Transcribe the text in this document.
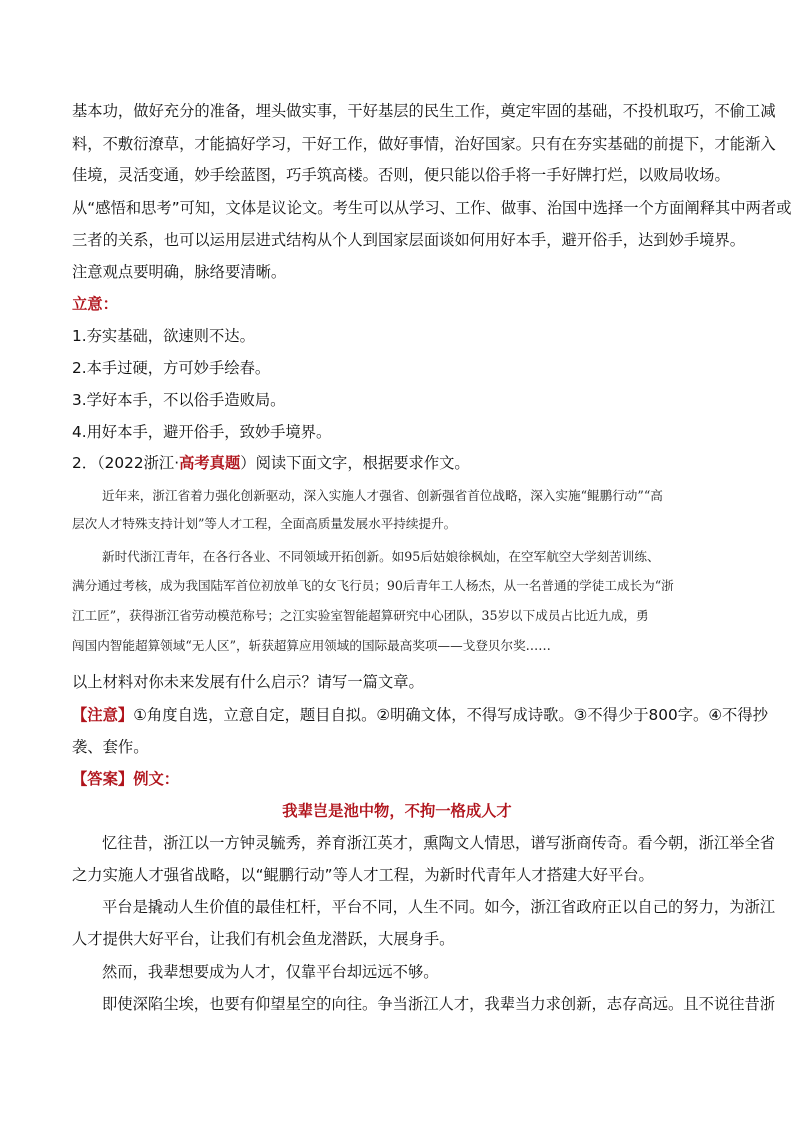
基本功，做好充分的准备，埋头做实事，干好基层的民生工作，奠定牢固的基础，不投机取巧，不偷工减
料，不敷衍潦草，才能搞好学习，干好工作，做好事情，治好国家。只有在夯实基础的前提下，才能渐入
佳境，灵活变通，妙手绘蓝图，巧手筑高楼。否则，便只能以俗手将一手好牌打烂，以败局收场。
从“感悟和思考”可知，文体是议论文。考生可以从学习、工作、做事、治国中选择一个方面阐释其中两者或
三者的关系，也可以运用层进式结构从个人到国家层面谈如何用好本手，避开俗手，达到妙手境界。
注意观点要明确，脉络要清晰。
立意：
1.夯实基础，欲速则不达。
2.本手过硬，方可妙手绘春。
3.学好本手，不以俗手造败局。
4.用好本手，避开俗手，致妙手境界。
2．（2022浙江·高考真题）阅读下面文字，根据要求作文。
近年来，浙江省着力强化创新驱动，深入实施人才强省、创新强省首位战略，深入实施“鲲鹏行动”“高
层次人才特殊支持计划”等人才工程，全面高质量发展水平持续提升。
新时代浙江青年，在各行各业、不同领域开拓创新。如95后姑娘徐枫灿，在空军航空大学刻苦训练、
满分通过考核，成为我国陆军首位初放单飞的女飞行员；90后青年工人杨杰，从一名普通的学徒工成长为“浙
江工匠”，获得浙江省劳动模范称号；之江实验室智能超算研究中心团队，35岁以下成员占比近九成，勇
闯国内智能超算领域“无人区”，斩获超算应用领域的国际最高奖项——戈登贝尔奖……
以上材料对你未来发展有什么启示？请写一篇文章。
【注意】①角度自选，立意自定，题目自拟。②明确文体，不得写成诗歌。③不得少于800字。④不得抄
袭、套作。
【答案】例文：
我辈岂是池中物，不拘一格成人才
忆往昔，浙江以一方钟灵毓秀，养育浙江英才，熏陶文人情思，谱写浙商传奇。看今朝，浙江举全省
之力实施人才强省战略，以“鲲鹏行动”等人才工程，为新时代青年人才搭建大好平台。
平台是撬动人生价值的最佳杠杆，平台不同，人生不同。如今，浙江省政府正以自己的努力，为浙江
人才提供大好平台，让我们有机会鱼龙潜跃，大展身手。
然而，我辈想要成为人才，仅靠平台却远远不够。
即使深陷尘埃，也要有仰望星空的向往。争当浙江人才，我辈当力求创新，志存高远。且不说往昔浙
